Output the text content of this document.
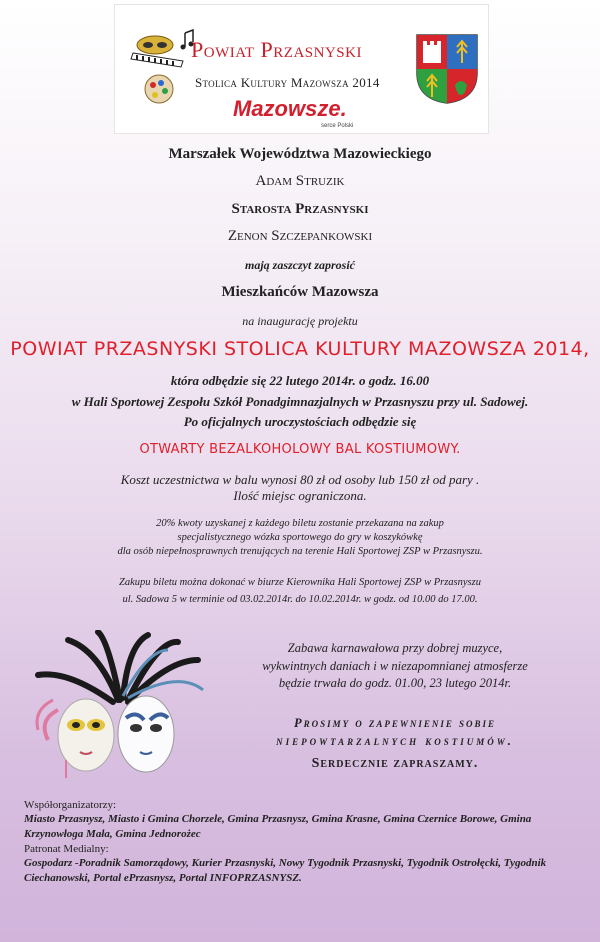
Powiat Przasnyski
Stolica Kultury Mazowsza 2014
Mazowsze.
serce Polski
Marszałek Województwa Mazowieckiego
Adam Struzik
Starosta Przasnyski
Zenon Szczepankowski
mają zaszczyt zaprosić
Mieszkańców Mazowsza
na inaugurację projektu
POWIAT PRZASNYSKI STOLICA KULTURY MAZOWSZA 2014,
która odbędzie się 22 lutego 2014r. o godz. 16.00
w Hali Sportowej Zespołu Szkół Ponadgimnazjalnych w Przasnyszu przy ul. Sadowej.
Po oficjalnych uroczystościach odbędzie się
OTWARTY BEZALKOHOLOWY BAL KOSTIUMOWY.
Koszt uczestnictwa w balu wynosi 80 zł od osoby lub 150 zł od pary .
Ilość miejsc ograniczona.
20% kwoty uzyskanej z każdego biletu zostanie przekazana na zakup
specjalistycznego wózka sportowego do gry w koszykówkę
dla osób niepełnosprawnych trenujących na terenie Hali Sportowej ZSP w Przasnyszu.
Zakupu biletu można dokonać w biurze Kierownika Hali Sportowej ZSP w Przasnyszu
ul. Sadowa 5 w terminie od 03.02.2014r. do 10.02.2014r. w godz. od 10.00 do 17.00.
Zabawa karnawałowa przy dobrej muzyce,
wykwintnych daniach i w niezapomnianej atmosferze
będzie trwała do godz. 01.00, 23 lutego 2014r.
Prosimy o zapewnienie sobie
niepowtarzalnych kostiumów.
Serdecznie zapraszamy.
Współorganizatorzy:
Miasto Przasnysz, Miasto i Gmina Chorzele, Gmina Przasnysz, Gmina Krasne, Gmina Czernice Borowe, Gmina Krzynowłoga Mała, Gmina Jednorożec
Patronat Medialny:
Gospodarz -Poradnik Samorządowy, Kurier Przasnyski, Nowy Tygodnik Przasnyski, Tygodnik Ostrołęcki, Tygodnik Ciechanowski, Portal ePrzasnysz, Portal INFOPRZASNYSZ.
